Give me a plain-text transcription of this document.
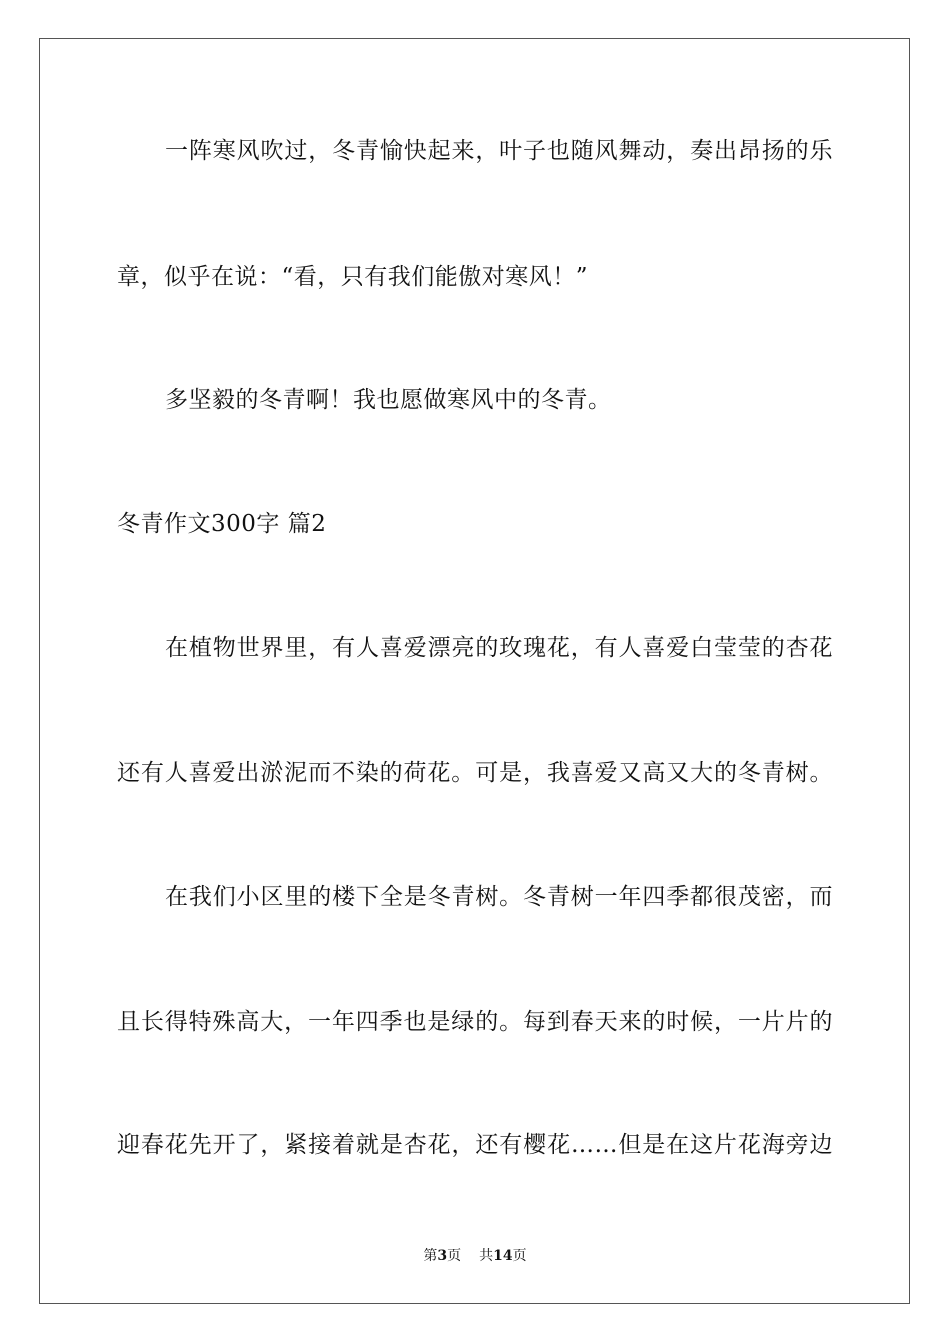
一阵寒风吹过，冬青愉快起来，叶子也随风舞动，奏出昂扬的乐
章，似乎在说：“看，只有我们能傲对寒风！”
多坚毅的冬青啊！我也愿做寒风中的冬青。
冬青作文300字 篇2
在植物世界里，有人喜爱漂亮的玫瑰花，有人喜爱白莹莹的杏花
还有人喜爱出淤泥而不染的荷花。可是，我喜爱又高又大的冬青树。
在我们小区里的楼下全是冬青树。冬青树一年四季都很茂密，而
且长得特殊高大，一年四季也是绿的。每到春天来的时候，一片片的
迎春花先开了，紧接着就是杏花，还有樱花……但是在这片花海旁边
第3页 共14页
